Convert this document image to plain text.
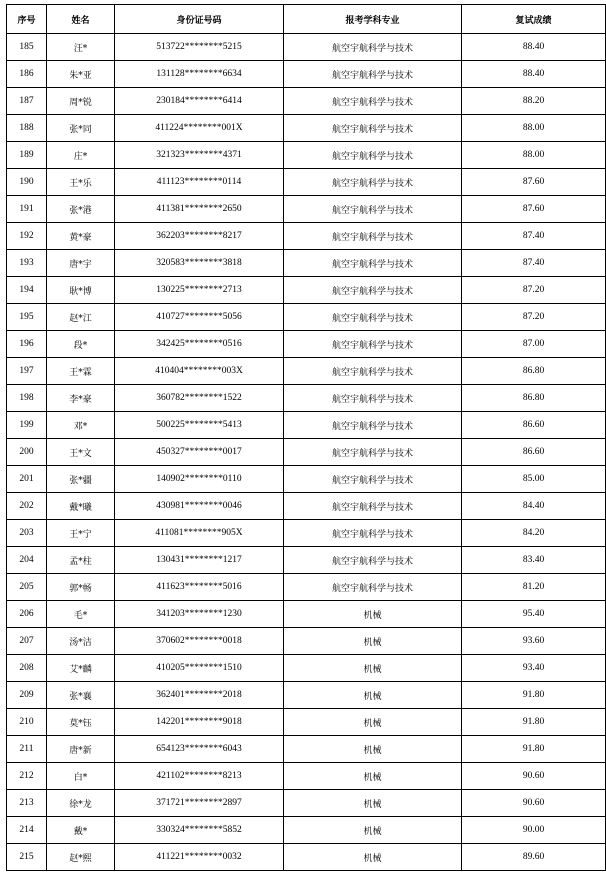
序号	姓名	身份证号码	报考学科专业	复试成绩
185	汪*	513722********5215	航空宇航科学与技术	88.40
186	朱*亚	131128********6634	航空宇航科学与技术	88.40
187	周*锐	230184********6414	航空宇航科学与技术	88.20
188	张*同	411224********001X	航空宇航科学与技术	88.00
189	庄*	321323********4371	航空宇航科学与技术	88.00
190	王*乐	411123********0114	航空宇航科学与技术	87.60
191	张*港	411381********2650	航空宇航科学与技术	87.60
192	黄*豪	362203********8217	航空宇航科学与技术	87.40
193	唐*宇	320583********3818	航空宇航科学与技术	87.40
194	耿*博	130225********2713	航空宇航科学与技术	87.20
195	赵*江	410727********5056	航空宇航科学与技术	87.20
196	段*	342425********0516	航空宇航科学与技术	87.00
197	王*霖	410404********003X	航空宇航科学与技术	86.80
198	李*豪	360782********1522	航空宇航科学与技术	86.80
199	邓*	500225********5413	航空宇航科学与技术	86.60
200	王*文	450327********0017	航空宇航科学与技术	86.60
201	张*疆	140902********0110	航空宇航科学与技术	85.00
202	戴*曦	430981********0046	航空宇航科学与技术	84.40
203	王*宁	411081********905X	航空宇航科学与技术	84.20
204	孟*柱	130431********1217	航空宇航科学与技术	83.40
205	郭*畅	411623********5016	航空宇航科学与技术	81.20
206	毛*	341203********1230	机械	95.40
207	汤*洁	370602********0018	机械	93.60
208	艾*麟	410205********1510	机械	93.40
209	张*襄	362401********2018	机械	91.80
210	莫*钰	142201********9018	机械	91.80
211	唐*新	654123********6043	机械	91.80
212	白*	421102********8213	机械	90.60
213	徐*龙	371721********2897	机械	90.60
214	戴*	330324********5852	机械	90.00
215	赵*熙	411221********0032	机械	89.60
